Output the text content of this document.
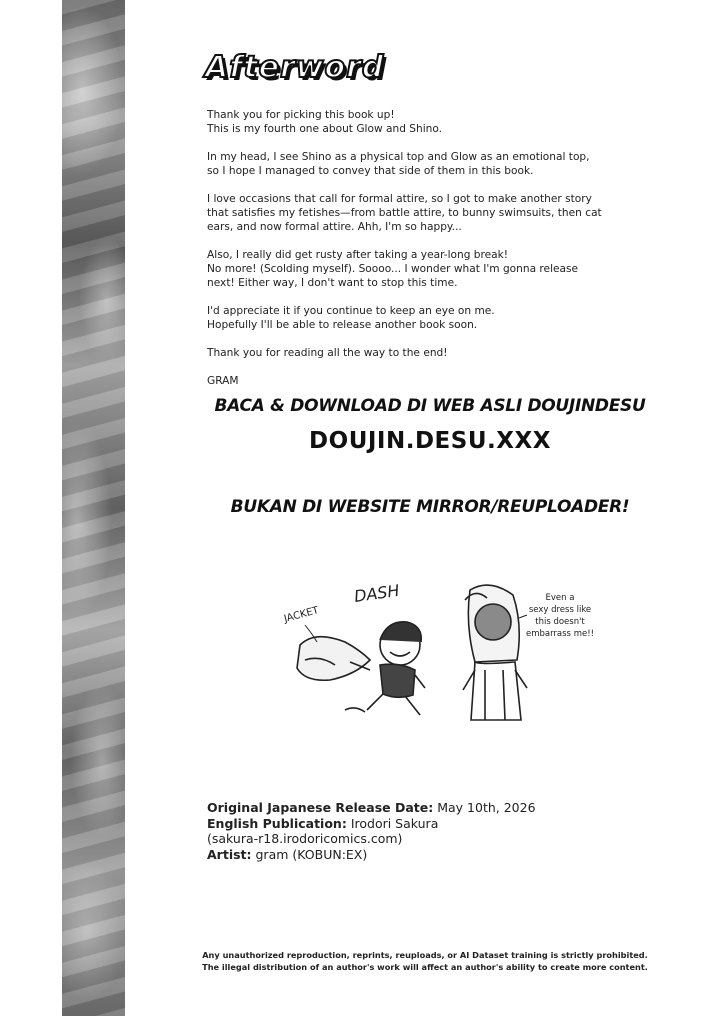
Afterword

Thank you for picking this book up!
This is my fourth one about Glow and Shino.

In my head, I see Shino as a physical top and Glow as an emotional top,
so I hope I managed to convey that side of them in this book.

I love occasions that call for formal attire, so I got to make another story
that satisfies my fetishes—from battle attire, to bunny swimsuits, then cat
ears, and now formal attire. Ahh, I'm so happy...

Also, I really did get rusty after taking a year-long break!
No more! (Scolding myself). Soooo... I wonder what I'm gonna release
next! Either way, I don't want to stop this time.

I'd appreciate it if you continue to keep an eye on me.
Hopefully I'll be able to release another book soon.

Thank you for reading all the way to the end!

GRAM

BACA & DOWNLOAD DI WEB ASLI DOUJINDESU
DOUJIN.DESU.XXX
BUKAN DI WEBSITE MIRROR/REUPLOADER!
JACKET
DASH	Even a
sexy dress like
this doesn't
embarrass me!!
Original Japanese Release Date: May 10th, 2026
English Publication: Irodori Sakura
(sakura-r18.irodoricomics.com)
Artist: gram (KOBUN:EX)
Any unauthorized reproduction, reprints, reuploads, or AI Dataset training is strictly prohibited.
The illegal distribution of an author's work will affect an author's ability to create more content.
